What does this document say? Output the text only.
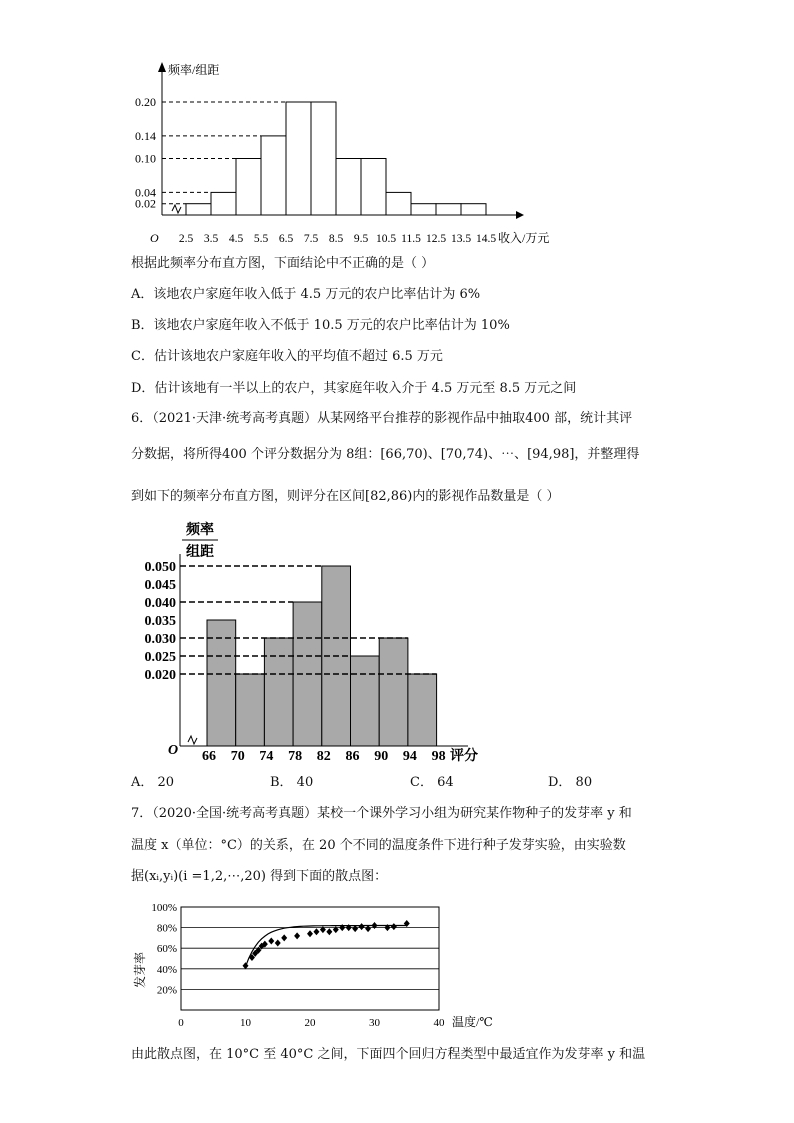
0.02
0.04
0.10
0.14
0.20
2.5 3.5 4.5 5.5 6.5 7.5 8.5 9.5 10.5 11.5 12.5 13.5 14.5
频率/组距
收入/万元
O
根据此频率分布直方图，下面结论中不正确的是（ ）
A．该地农户家庭年收入低于 4.5 万元的农户比率估计为 6%
B．该地农户家庭年收入不低于 10.5 万元的农户比率估计为 10%
C．估计该地农户家庭年收入的平均值不超过 6.5 万元
D．估计该地有一半以上的农户，其家庭年收入介于 4.5 万元至 8.5 万元之间
6．（2021·天津·统考高考真题）从某网络平台推荐的影视作品中抽取400 部，统计其评
分数据，将所得400 个评分数据分为 8组：[66,70)、[70,74)、⋯、[94,98]，并整理得
到如下的频率分布直方图，则评分在区间[82,86)内的影视作品数量是（ ）
0.050
0.045
0.040
0.035
0.030
0.025
0.020
66 70 74 78 82 86 90 94 98
频率
组距
评分
O
A． 20	B． 40	C． 64	D． 80
7．（2020·全国·统考高考真题）某校一个课外学习小组为研究某作物种子的发芽率 y 和
温度 x（单位：°C）的关系，在 20 个不同的温度条件下进行种子发芽实验，由实验数
据(xᵢ,yᵢ)(i =1,2,⋯,20) 得到下面的散点图：
20%
40%
60%
80%
100%
0	10	20	30	40
发芽率
温度/℃
由此散点图，在 10°C 至 40°C 之间，下面四个回归方程类型中最适宜作为发芽率 y 和温
